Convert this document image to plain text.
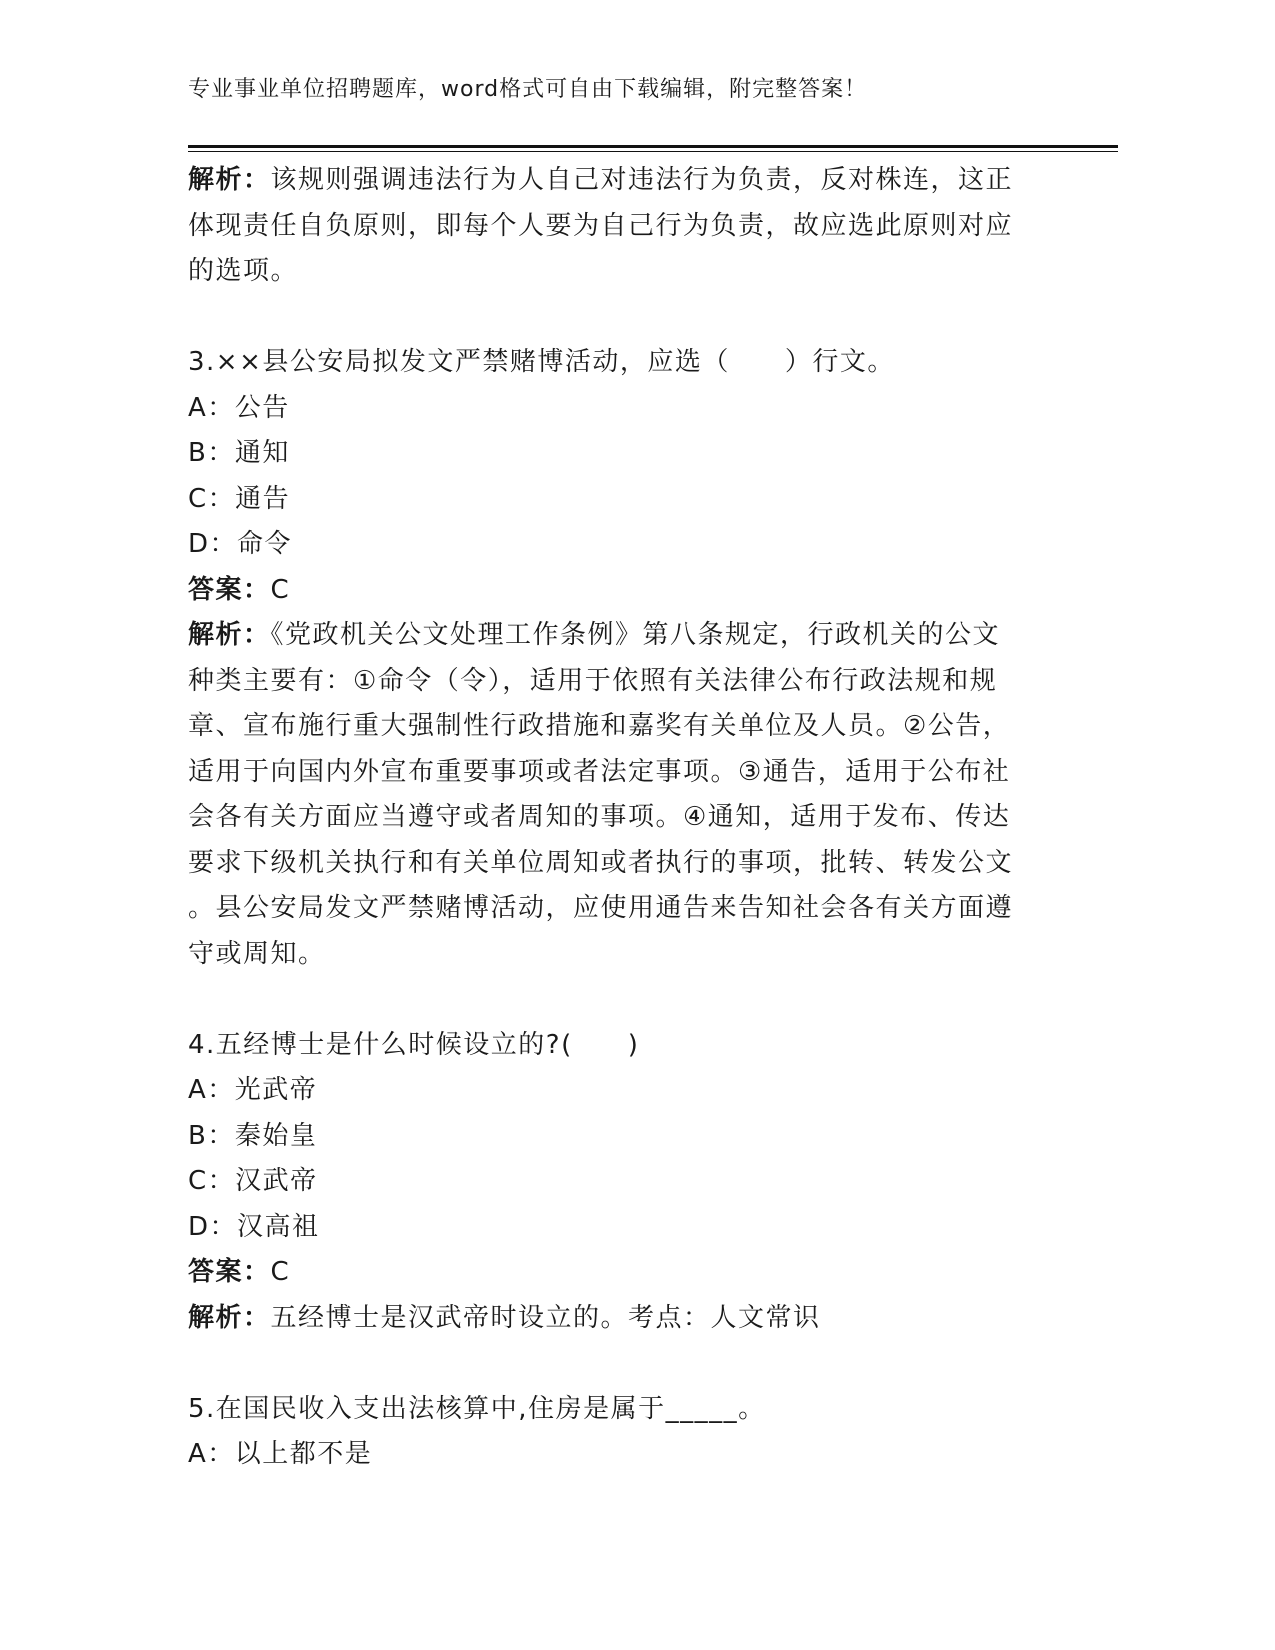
专业事业单位招聘题库，word格式可自由下载编辑，附完整答案！
解析：该规则强调违法行为人自己对违法行为负责，反对株连，这正
体现责任自负原则，即每个人要为自己行为负责，故应选此原则对应
的选项。
3.××县公安局拟发文严禁赌博活动，应选（　　）行文。
A：公告
B：通知
C：通告
D：命令
答案：C
解析：《党政机关公文处理工作条例》第八条规定，行政机关的公文
种类主要有：①命令（令），适用于依照有关法律公布行政法规和规
章、宣布施行重大强制性行政措施和嘉奖有关单位及人员。②公告，
适用于向国内外宣布重要事项或者法定事项。③通告，适用于公布社
会各有关方面应当遵守或者周知的事项。④通知，适用于发布、传达
要求下级机关执行和有关单位周知或者执行的事项，批转、转发公文
。县公安局发文严禁赌博活动，应使用通告来告知社会各有关方面遵
守或周知。
4.五经博士是什么时候设立的?(　　)
A：光武帝
B：秦始皇
C：汉武帝
D：汉高祖
答案：C
解析：五经博士是汉武帝时设立的。考点：人文常识
5.在国民收入支出法核算中,住房是属于_____。
A：以上都不是
